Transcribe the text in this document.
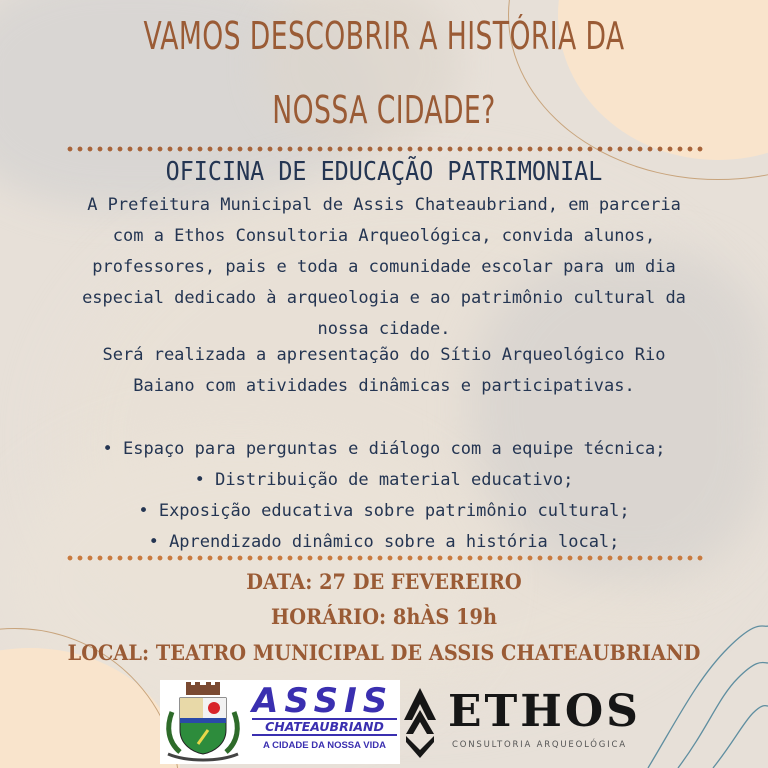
VAMOS DESCOBRIR A HISTÓRIA DA
NOSSA CIDADE?
OFICINA DE EDUCAÇÃO PATRIMONIAL

A Prefeitura Municipal de Assis Chateaubriand, em parceria

com a Ethos Consultoria Arqueológica, convida alunos,

professores, pais e toda a comunidade escolar para um dia

especial dedicado à arqueologia e ao patrimônio cultural da

nossa cidade.

Será realizada a apresentação do Sítio Arqueológico Rio

Baiano com atividades dinâmicas e participativas.

• Espaço para perguntas e diálogo com a equipe técnica;

• Distribuição de material educativo;

• Exposição educativa sobre patrimônio cultural;

• Aprendizado dinâmico sobre a história local;

DATA: 27 DE FEVEREIRO
HORÁRIO: 8hÀS 19h
LOCAL: TEATRO MUNICIPAL DE ASSIS CHATEAUBRIAND
ASSIS
CHATEAUBRIAND
A CIDADE DA NOSSA VIDA
ETHOS
CONSULTORIA ARQUEOLÓGICA
